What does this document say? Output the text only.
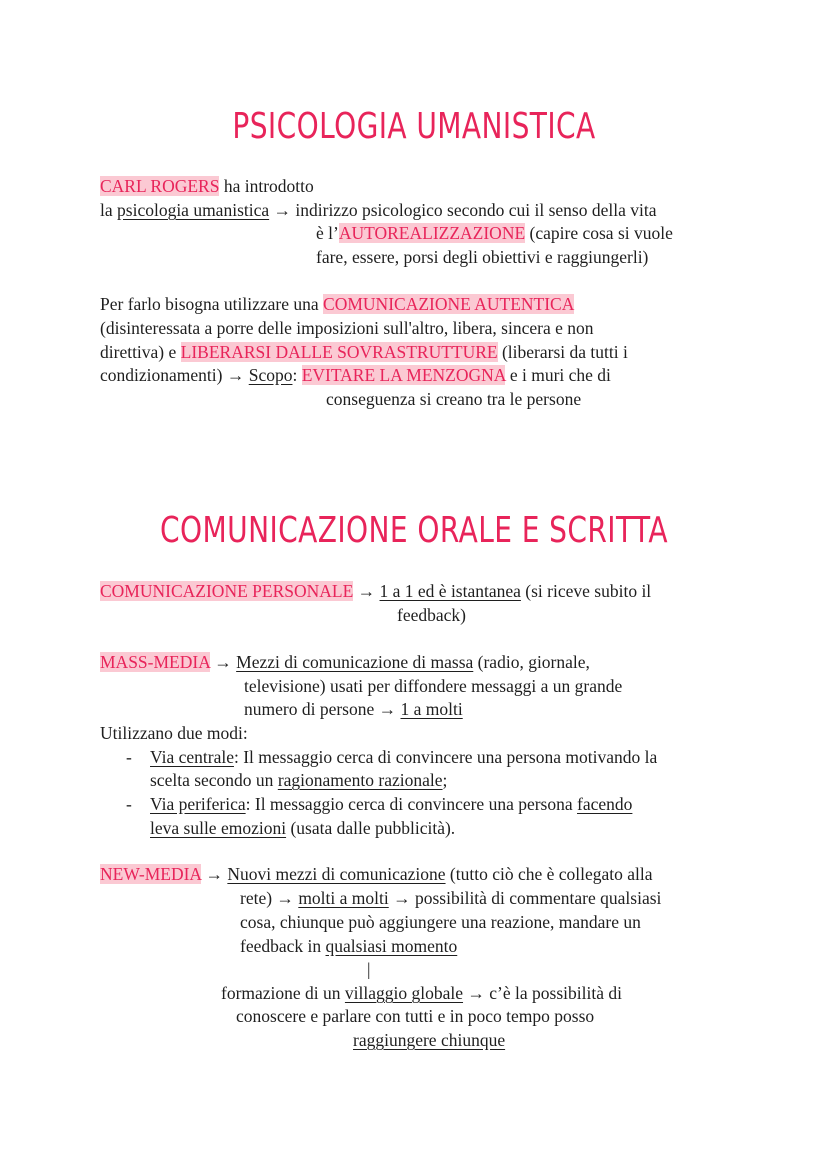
PSICOLOGIA UMANISTICA
CARL ROGERS ha introdotto
la psicologia umanistica → indirizzo psicologico secondo cui il senso della vita
è l’AUTOREALIZZAZIONE (capire cosa si vuole
fare, essere, porsi degli obiettivi e raggiungerli)
Per farlo bisogna utilizzare una COMUNICAZIONE AUTENTICA
(disinteressata a porre delle imposizioni sull'altro, libera, sincera e non
direttiva) e LIBERARSI DALLE SOVRASTRUTTURE (liberarsi da tutti i
condizionamenti) → Scopo: EVITARE LA MENZOGNA e i muri che di
conseguenza si creano tra le persone
COMUNICAZIONE ORALE E SCRITTA
COMUNICAZIONE PERSONALE → 1 a 1 ed è istantanea (si riceve subito il
feedback)
MASS-MEDIA → Mezzi di comunicazione di massa (radio, giornale,
televisione) usati per diffondere messaggi a un grande
numero di persone → 1 a molti
Utilizzano due modi:
- Via centrale: Il messaggio cerca di convincere una persona motivando la
scelta secondo un ragionamento razionale;
- Via periferica: Il messaggio cerca di convincere una persona facendo
leva sulle emozioni (usata dalle pubblicità).
NEW-MEDIA → Nuovi mezzi di comunicazione (tutto ciò che è collegato alla
rete) → molti a molti → possibilità di commentare qualsiasi
cosa, chiunque può aggiungere una reazione, mandare un
feedback in qualsiasi momento
|
formazione di un villaggio globale → c’è la possibilità di
conoscere e parlare con tutti e in poco tempo posso
raggiungere chiunque
